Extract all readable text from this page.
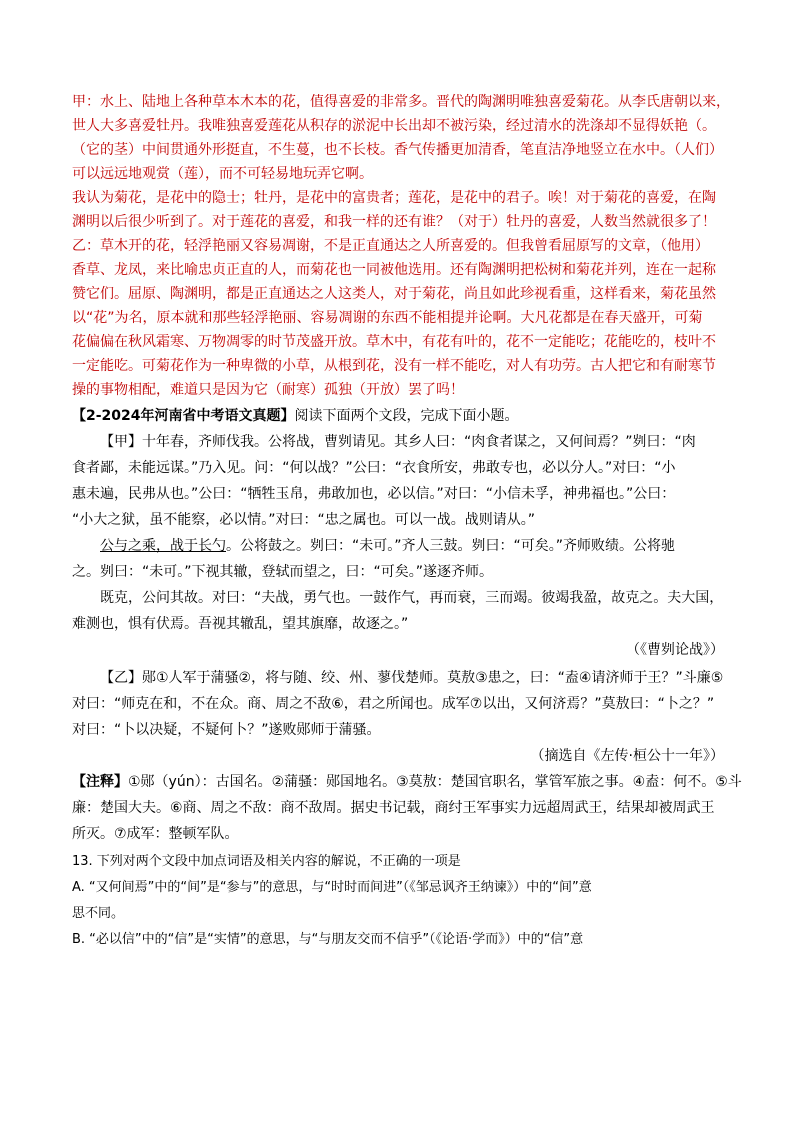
甲：水上、陆地上各种草本木本的花，值得喜爱的非常多。晋代的陶渊明唯独喜爱菊花。从李氏唐朝以来，
世人大多喜爱牡丹。我唯独喜爱莲花从积存的淤泥中长出却不被污染，经过清水的洗涤却不显得妖艳（。
（它的茎）中间贯通外形挺直，不生蔓，也不长枝。香气传播更加清香，笔直洁净地竖立在水中。（人们）
可以远远地观赏（莲），而不可轻易地玩弄它啊。
我认为菊花，是花中的隐士；牡丹，是花中的富贵者；莲花，是花中的君子。唉！对于菊花的喜爱，在陶
渊明以后很少听到了。对于莲花的喜爱，和我一样的还有谁？（对于）牡丹的喜爱，人数当然就很多了！
乙：草木开的花，轻浮艳丽又容易凋谢，不是正直通达之人所喜爱的。但我曾看屈原写的文章，（他用）
香草、龙凤，来比喻忠贞正直的人，而菊花也一同被他选用。还有陶渊明把松树和菊花并列，连在一起称
赞它们。屈原、陶渊明，都是正直通达之人这类人，对于菊花，尚且如此珍视看重，这样看来，菊花虽然
以“花”为名，原本就和那些轻浮艳丽、容易凋谢的东西不能相提并论啊。大凡花都是在春天盛开，可菊
花偏偏在秋风霜寒、万物凋零的时节茂盛开放。草木中，有花有叶的，花不一定能吃；花能吃的，枝叶不
一定能吃。可菊花作为一种卑微的小草，从根到花，没有一样不能吃，对人有功劳。古人把它和有耐寒节
操的事物相配，难道只是因为它（耐寒）孤独（开放）罢了吗！
【2-2024年河南省中考语文真题】阅读下面两个文段，完成下面小题。
【甲】十年春，齐师伐我。公将战，曹刿请见。其乡人曰：“肉食者谋之，又何间焉？”刿曰：“肉
食者鄙，未能远谋。”乃入见。问：“何以战？”公曰：“衣食所安，弗敢专也，必以分人。”对曰：“小
惠未遍，民弗从也。”公曰：“牺牲玉帛，弗敢加也，必以信。”对曰：“小信未孚，神弗福也。”公曰：
“小大之狱，虽不能察，必以情。”对曰：“忠之属也。可以一战。战则请从。”
公与之乘，战于长勺。公将鼓之。刿曰：“未可。”齐人三鼓。刿曰：“可矣。”齐师败绩。公将驰
之。刿曰：“未可。”下视其辙，登轼而望之，曰：“可矣。”遂逐齐师。
既克，公问其故。对曰：“夫战，勇气也。一鼓作气，再而衰，三而竭。彼竭我盈，故克之。夫大国，
难测也，惧有伏焉。吾视其辙乱，望其旗靡，故逐之。”
（《曹刿论战》）
【乙】郧①人军于蒲骚②，将与随、绞、州、蓼伐楚师。莫敖③患之，曰：“盍④请济师于王？”斗廉⑤
对曰：“师克在和，不在众。商、周之不敌⑥，君之所闻也。成军⑦以出，又何济焉？”莫敖曰：“卜之？”
对曰：“卜以决疑，不疑何卜？”遂败郧师于蒲骚。
（摘选自《左传·桓公十一年》）
【注释】①郧（yún）：古国名。②蒲骚：郧国地名。③莫敖：楚国官职名，掌管军旅之事。④盍：何不。⑤斗
廉：楚国大夫。⑥商、周之不敌：商不敌周。据史书记载，商纣王军事实力远超周武王，结果却被周武王
所灭。⑦成军：整顿军队。
13. 下列对两个文段中加点词语及相关内容的解说，不正确的一项是
A. “又何间焉”中的“间”是“参与”的意思，与“时时而间进”（《邹忌讽齐王纳谏》）中的“间”意
思不同。
B. “必以信”中的“信”是“实情”的意思，与“与朋友交而不信乎”（《论语·学而》）中的“信”意
